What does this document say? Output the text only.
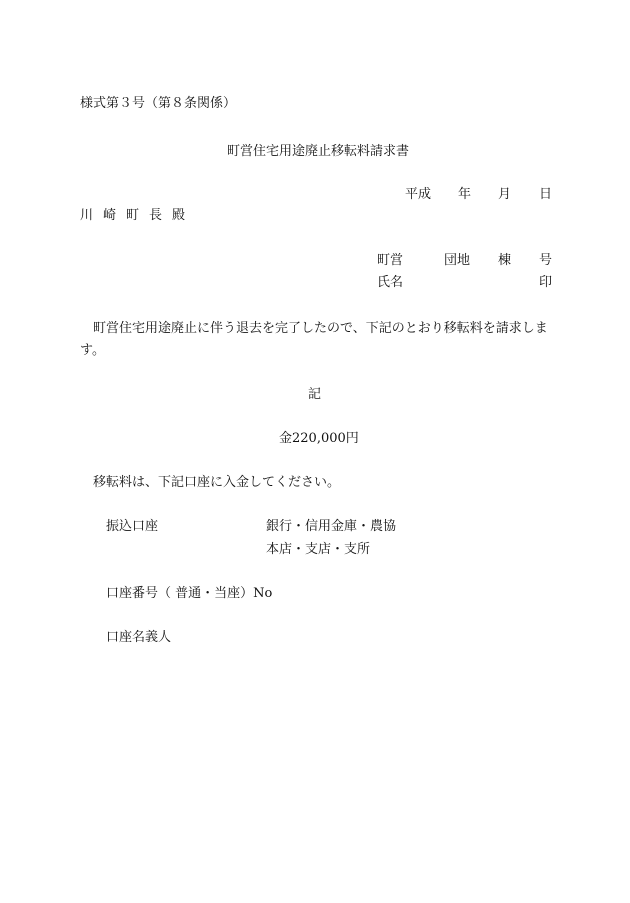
様式第３号（第８条関係）
町営住宅用途廃止移転料請求書
平成 年 月 日
川崎町長殿
町営	団地 棟 号
氏名	印
町営住宅用途廃止に伴う退去を完了したので、下記のとおり移転料を請求します。
記
金220,000円
移転料は、下記口座に入金してください。
振込口座	銀行・信用金庫・農協
本店・支店・支所
口座番号（ 普通・当座）No
口座名義人
